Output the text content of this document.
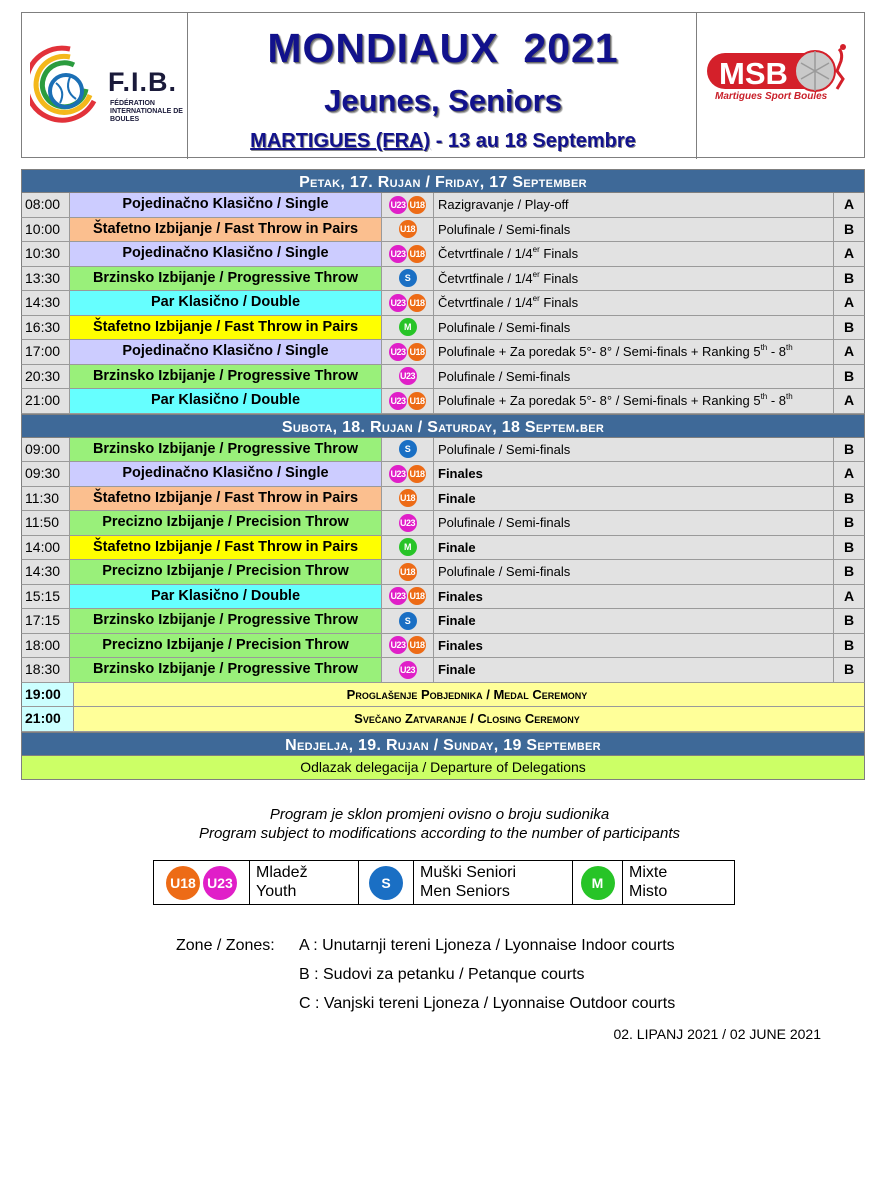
F.I.B.
FÉDÉRATION INTERNATIONALE DE BOULES
MONDIAUX  2021
Jeunes, Seniors
MARTIGUES (FRA) - 13 au 18 Septembre
MSB
Martigues Sport Boules
Petak, 17. Rujan / Friday, 17 September
08:00	Pojedinačno Klasično / Single	U23 U18	Razigravanje / Play-off	A
10:00	Štafetno Izbijanje / Fast Throw in Pairs	U18	Polufinale / Semi-finals	B
10:30	Pojedinačno Klasično / Single	U23 U18	Četvrtfinale / 1/4er Finals	A
13:30	Brzinsko Izbijanje / Progressive Throw	S	Četvrtfinale / 1/4er Finals	B
14:30	Par Klasično / Double	U23 U18	Četvrtfinale / 1/4er Finals	A
16:30	Štafetno Izbijanje / Fast Throw in Pairs	M	Polufinale / Semi-finals	B
17:00	Pojedinačno Klasično / Single	U23 U18	Polufinale + Za poredak 5°- 8° / Semi-finals + Ranking 5th - 8th	A
20:30	Brzinsko Izbijanje / Progressive Throw	U23	Polufinale / Semi-finals	B
21:00	Par Klasično / Double	U23 U18	Polufinale + Za poredak 5°- 8° / Semi-finals + Ranking 5th - 8th	A
Subota, 18. Rujan / Saturday, 18 Septem.ber
09:00	Brzinsko Izbijanje / Progressive Throw	S	Polufinale / Semi-finals	B
09:30	Pojedinačno Klasično / Single	U23 U18	Finales	A
11:30	Štafetno Izbijanje / Fast Throw in Pairs	U18	Finale	B
11:50	Precizno Izbijanje / Precision Throw	U23	Polufinale / Semi-finals	B
14:00	Štafetno Izbijanje / Fast Throw in Pairs	M	Finale	B
14:30	Precizno Izbijanje / Precision Throw	U18	Polufinale / Semi-finals	B
15:15	Par Klasično / Double	U23 U18	Finales	A
17:15	Brzinsko Izbijanje / Progressive Throw	S	Finale	B
18:00	Precizno Izbijanje / Precision Throw	U23 U18	Finales	B
18:30	Brzinsko Izbijanje / Progressive Throw	U23	Finale	B
19:00	Proglašenje Pobjednika / Medal Ceremony
21:00	Svečano Zatvaranje / Closing Ceremony
Nedjelja, 19. Rujan / Sunday, 19 September
Odlazak delegacija / Departure of Delegations
Program je sklon promjeni ovisno o broju sudionika
Program subject to modifications according to the number of participants
U18 U23
Mladež
Youth
S
Muški Seniori
Men Seniors
M
Mixte
Misto
Zone / Zones: A : Unutarnji tereni Ljoneza / Lyonnaise Indoor courts
B : Sudovi za petanku / Petanque courts
C : Vanjski tereni Ljoneza / Lyonnaise Outdoor courts
02. LIPANJ 2021 / 02 JUNE 2021
